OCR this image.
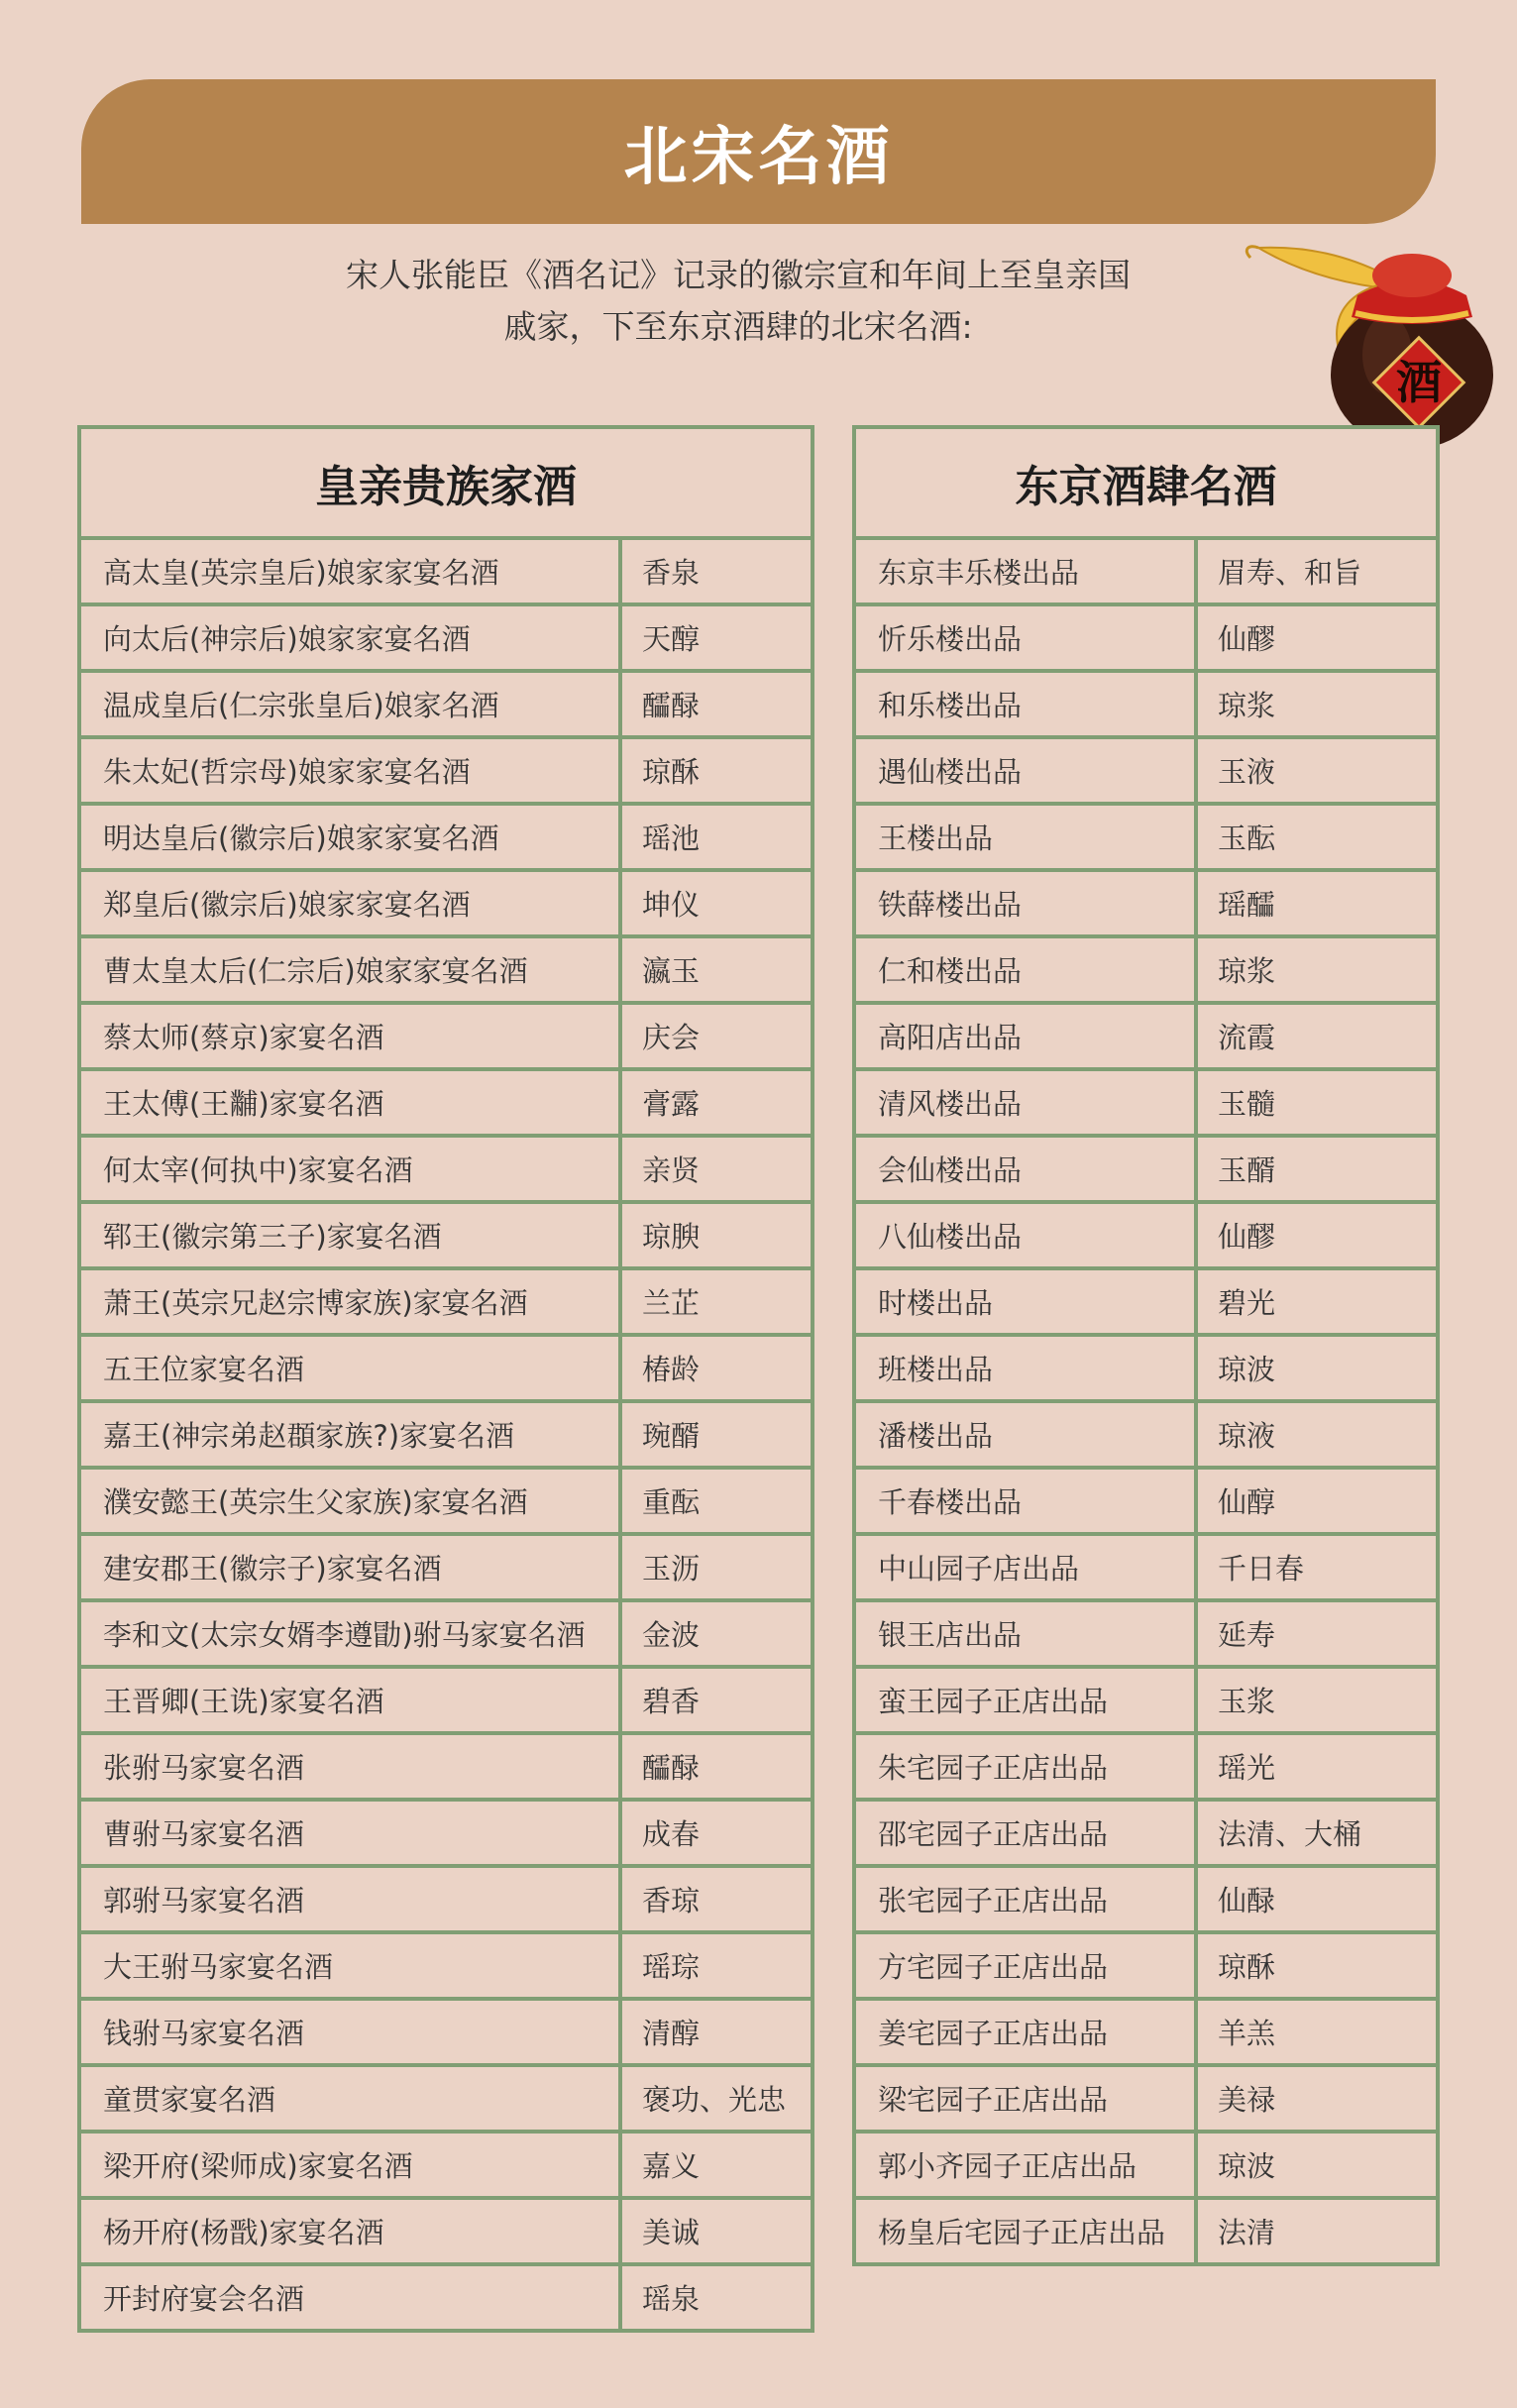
北宋名酒
宋人张能臣《酒名记》记录的徽宗宣和年间上至皇亲国
戚家，下至东京酒肆的北宋名酒:
酒
皇亲贵族家酒
高太皇(英宗皇后)娘家家宴名酒	香泉
向太后(神宗后)娘家家宴名酒	天醇
温成皇后(仁宗张皇后)娘家名酒	醽醁
朱太妃(哲宗母)娘家家宴名酒	琼酥
明达皇后(徽宗后)娘家家宴名酒	瑶池
郑皇后(徽宗后)娘家家宴名酒	坤仪
曹太皇太后(仁宗后)娘家家宴名酒	瀛玉
蔡太师(蔡京)家宴名酒	庆会
王太傅(王黼)家宴名酒	膏露
何太宰(何执中)家宴名酒	亲贤
郓王(徽宗第三子)家宴名酒	琼腴
萧王(英宗兄赵宗博家族)家宴名酒	兰芷
五王位家宴名酒	椿龄
嘉王(神宗弟赵頵家族?)家宴名酒	琬醑
濮安懿王(英宗生父家族)家宴名酒	重酝
建安郡王(徽宗子)家宴名酒	玉沥
李和文(太宗女婿李遵勖)驸马家宴名酒	金波
王晋卿(王诜)家宴名酒	碧香
张驸马家宴名酒	醽醁
曹驸马家宴名酒	成春
郭驸马家宴名酒	香琼
大王驸马家宴名酒	瑶琮
钱驸马家宴名酒	清醇
童贯家宴名酒	褒功、光忠
梁开府(梁师成)家宴名酒	嘉义
杨开府(杨戬)家宴名酒	美诚
开封府宴会名酒	瑶泉
东京酒肆名酒
东京丰乐楼出品	眉寿、和旨
忻乐楼出品	仙醪
和乐楼出品	琼浆
遇仙楼出品	玉液
王楼出品	玉酝
铁薛楼出品	瑶醽
仁和楼出品	琼浆
高阳店出品	流霞
清风楼出品	玉髓
会仙楼出品	玉醑
八仙楼出品	仙醪
时楼出品	碧光
班楼出品	琼波
潘楼出品	琼液
千春楼出品	仙醇
中山园子店出品	千日春
银王店出品	延寿
蛮王园子正店出品	玉浆
朱宅园子正店出品	瑶光
邵宅园子正店出品	法清、大桶
张宅园子正店出品	仙醁
方宅园子正店出品	琼酥
姜宅园子正店出品	羊羔
梁宅园子正店出品	美禄
郭小齐园子正店出品	琼波
杨皇后宅园子正店出品	法清
